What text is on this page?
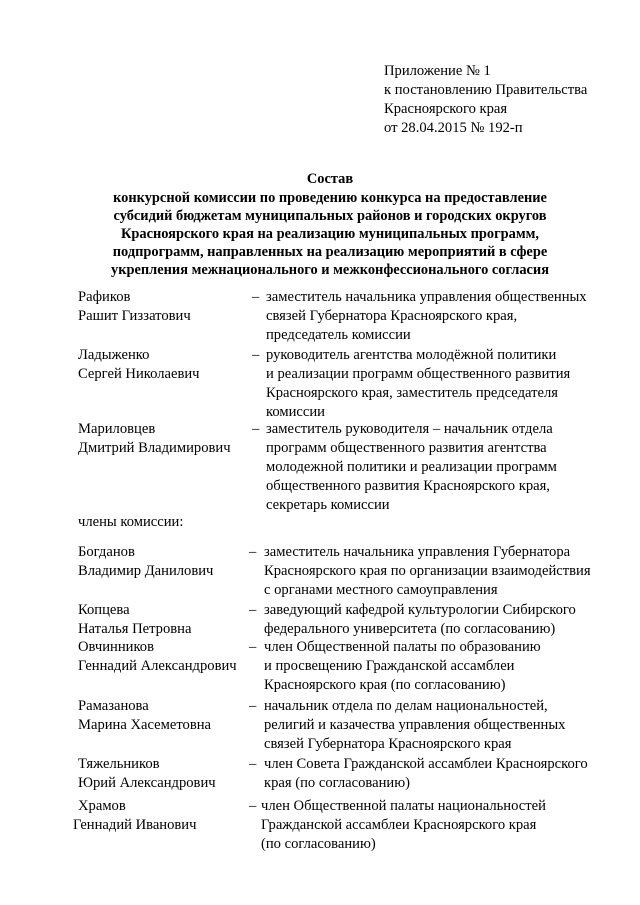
Приложение № 1
к постановлению Правительства
Красноярского края
от 28.04.2015 № 192-п
Состав
конкурсной комиссии по проведению конкурса на предоставление
субсидий бюджетам муниципальных районов и городских округов
Красноярского края на реализацию муниципальных программ,
подпрограмм, направленных на реализацию мероприятий в сфере
укрепления межнационального и межконфессионального согласия
Рафиков
Рашит Гиззатович
– заместитель начальника управления общественных
связей Губернатора Красноярского края,
председатель комиссии
Ладыженко
Сергей Николаевич
– руководитель агентства молодёжной политики
и реализации программ общественного развития
Красноярского края, заместитель председателя
комиссии
Мариловцев
Дмитрий Владимирович
– заместитель руководителя – начальник отдела
программ общественного развития агентства
молодежной политики и реализации программ
общественного развития Красноярского края,
секретарь комиссии
члены комиссии:
Богданов
Владимир Данилович
– заместитель начальника управления Губернатора
Красноярского края по организации взаимодействия
с органами местного самоуправления
Копцева
Наталья Петровна
– заведующий кафедрой культурологии Сибирского
федерального университета (по согласованию)
Овчинников
Геннадий Александрович
– член Общественной палаты по образованию
и просвещению Гражданской ассамблеи
Красноярского края (по согласованию)
Рамазанова
Марина Хасеметовна
– начальник отдела по делам национальностей,
религий и казачества управления общественных
связей Губернатора Красноярского края
Тяжельников
Юрий Александрович
– член Совета Гражданской ассамблеи Красноярского
края (по согласованию)
Храмов
Геннадий Иванович
– член Общественной палаты национальностей
Гражданской ассамблеи Красноярского края
(по согласованию)
